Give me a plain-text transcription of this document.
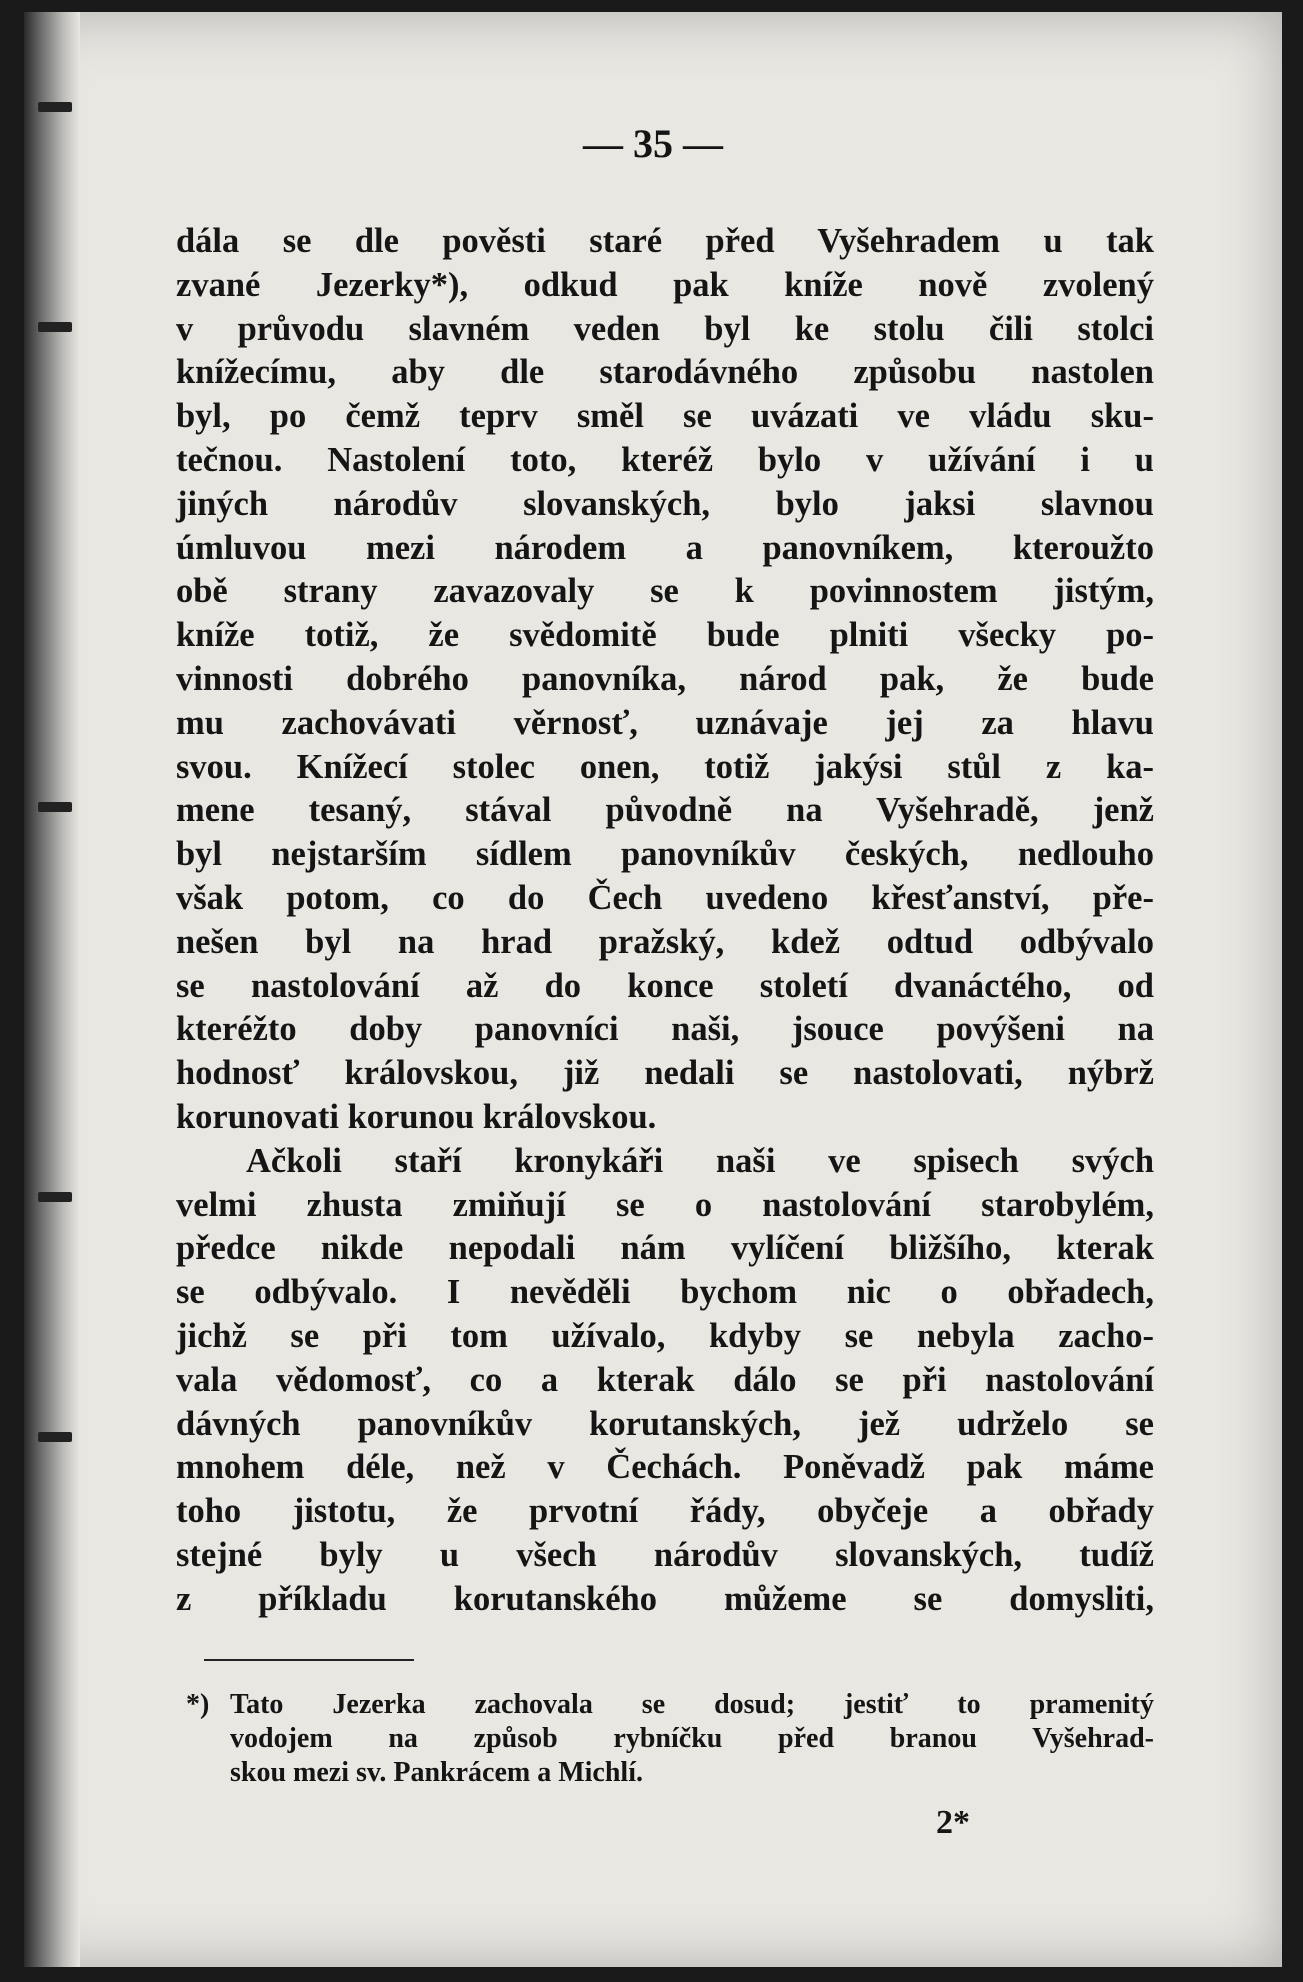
— 35 —
dála se dle pověsti staré před Vyšehradem u tak
zvané Jezerky*), odkud pak kníže nově zvolený
v průvodu slavném veden byl ke stolu čili stolci
knížecímu, aby dle starodávného způsobu nastolen
byl, po čemž teprv směl se uvázati ve vládu sku-
tečnou. Nastolení toto, kteréž bylo v užívání i u
jiných národův slovanských, bylo jaksi slavnou
úmluvou mezi národem a panovníkem, kteroužto
obě strany zavazovaly se k povinnostem jistým,
kníže totiž, že svědomitě bude plniti všecky po-
vinnosti dobrého panovníka, národ pak, že bude
mu zachovávati věrnosť, uznávaje jej za hlavu
svou. Knížecí stolec onen, totiž jakýsi stůl z ka-
mene tesaný, stával původně na Vyšehradě, jenž
byl nejstarším sídlem panovníkův českých, nedlouho
však potom, co do Čech uvedeno křesťanství, pře-
nešen byl na hrad pražský, kdež odtud odbývalo
se nastolování až do konce století dvanáctého, od
kteréžto doby panovníci naši, jsouce povýšeni na
hodnosť královskou, již nedali se nastolovati, nýbrž
korunovati korunou královskou.
Ačkoli staří kronykáři naši ve spisech svých
velmi zhusta zmiňují se o nastolování starobylém,
předce nikde nepodali nám vylíčení bližšího, kterak
se odbývalo. I nevěděli bychom nic o obřadech,
jichž se při tom užívalo, kdyby se nebyla zacho-
vala vědomosť, co a kterak dálo se při nastolování
dávných panovníkův korutanských, jež udrželo se
mnohem déle, než v Čechách. Poněvadž pak máme
toho jistotu, že prvotní řády, obyčeje a obřady
stejné byly u všech národův slovanských, tudíž
z příkladu korutanského můžeme se domysliti,
*) Tato Jezerka zachovala se dosud; jestiť to pramenitý
vodojem na způsob rybníčku před branou Vyšehrad-
skou mezi sv. Pankrácem a Michlí.
2*
